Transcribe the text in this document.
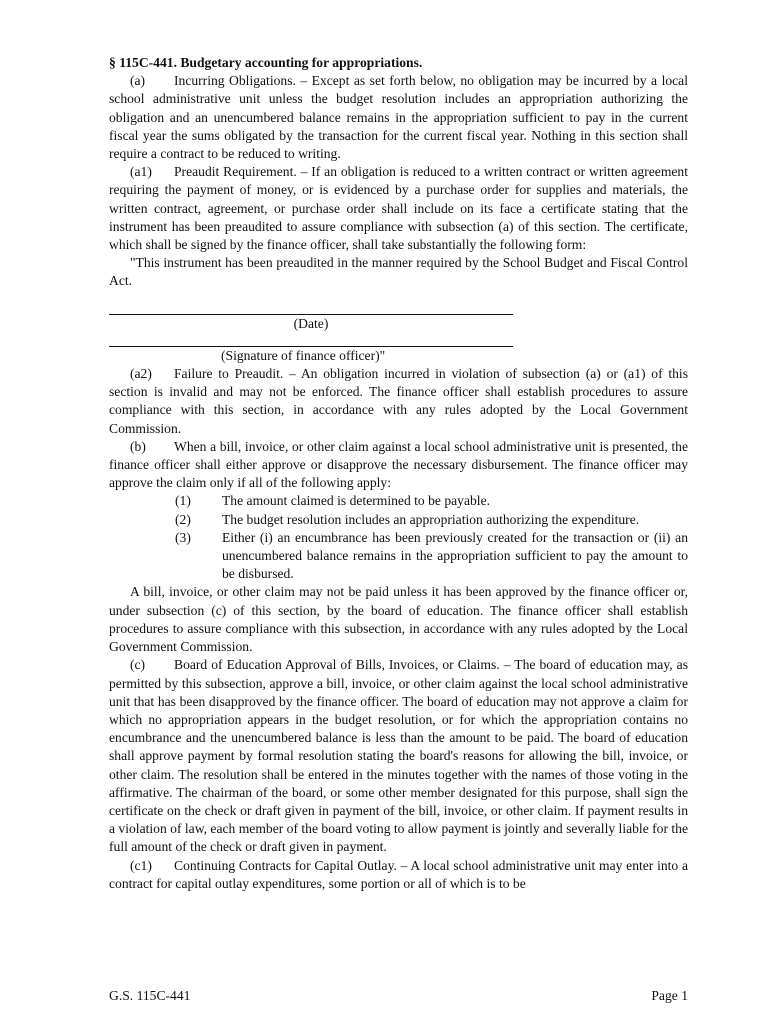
§ 115C-441. Budgetary accounting for appropriations.

(a) Incurring Obligations. – Except as set forth below, no obligation may be incurred by a local school administrative unit unless the budget resolution includes an appropriation authorizing the obligation and an unencumbered balance remains in the appropriation sufficient to pay in the current fiscal year the sums obligated by the transaction for the current fiscal year. Nothing in this section shall require a contract to be reduced to writing.

(a1) Preaudit Requirement. – If an obligation is reduced to a written contract or written agreement requiring the payment of money, or is evidenced by a purchase order for supplies and materials, the written contract, agreement, or purchase order shall include on its face a certificate stating that the instrument has been preaudited to assure compliance with subsection (a) of this section. The certificate, which shall be signed by the finance officer, shall take substantially the following form:

"This instrument has been preaudited in the manner required by the School Budget and Fiscal Control Act.

(Date)

(Signature of finance officer)"

(a2) Failure to Preaudit. – An obligation incurred in violation of subsection (a) or (a1) of this section is invalid and may not be enforced. The finance officer shall establish procedures to assure compliance with this section, in accordance with any rules adopted by the Local Government Commission.

(b) When a bill, invoice, or other claim against a local school administrative unit is presented, the finance officer shall either approve or disapprove the necessary disbursement. The finance officer may approve the claim only if all of the following apply:

(1)	The amount claimed is determined to be payable.
(2)	The budget resolution includes an appropriation authorizing the expenditure.
(3)	Either (i) an encumbrance has been previously created for the transaction or (ii) an unencumbered balance remains in the appropriation sufficient to pay the amount to be disbursed.

A bill, invoice, or other claim may not be paid unless it has been approved by the finance officer or, under subsection (c) of this section, by the board of education. The finance officer shall establish procedures to assure compliance with this subsection, in accordance with any rules adopted by the Local Government Commission.

(c) Board of Education Approval of Bills, Invoices, or Claims. – The board of education may, as permitted by this subsection, approve a bill, invoice, or other claim against the local school administrative unit that has been disapproved by the finance officer. The board of education may not approve a claim for which no appropriation appears in the budget resolution, or for which the appropriation contains no encumbrance and the unencumbered balance is less than the amount to be paid. The board of education shall approve payment by formal resolution stating the board's reasons for allowing the bill, invoice, or other claim. The resolution shall be entered in the minutes together with the names of those voting in the affirmative. The chairman of the board, or some other member designated for this purpose, shall sign the certificate on the check or draft given in payment of the bill, invoice, or other claim. If payment results in a violation of law, each member of the board voting to allow payment is jointly and severally liable for the full amount of the check or draft given in payment.

(c1) Continuing Contracts for Capital Outlay. – A local school administrative unit may enter into a contract for capital outlay expenditures, some portion or all of which is to be

G.S. 115C-441	Page 1
